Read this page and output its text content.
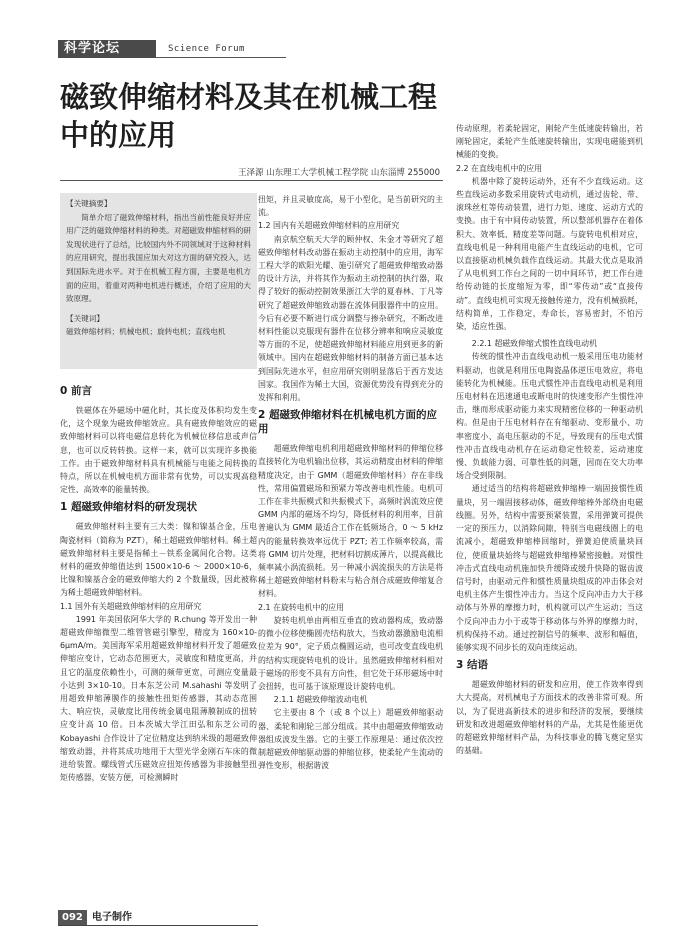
科学论坛	Science Forum
磁致伸缩材料及其在机械工程中的应用
王泽源 山东理工大学机械工程学院 山东淄博 255000

【关键摘要】

简单介绍了磁致伸缩材料，指出当前性能良好并应用广泛的磁致伸缩材料的种类。对超磁致伸缩材料的研发现状进行了总结，比较国内外不同领域对于这种材料的应用研究，提出我国应加大对这方面的研究投入，达到国际先进水平。对于在机械工程方面，主要是电机方面的应用，着重对两种电机进行概述，介绍了应用的大致原理。

【关键词】

磁致伸缩材料；机械电机；旋转电机；直线电机

0 前言

铁磁体在外磁场中磁化时，其长度及体积均发生变化，这个现象为磁致伸缩效应。具有磁致伸缩效应的磁致伸缩材料可以将电磁信息转化为机械位移信息或声信息，也可以反转转换。这样一来，就可以实现许多换能工作。由于磁致伸缩材料具有机械能与电能之间转换的特点，所以在机械电机方面非常有优势，可以实现高稳定性、高效率的能量转换。

1 超磁致伸缩材料的研发现状

磁致伸缩材料主要有三大类：镍和镍基合金，压电陶瓷材料（简称为 PZT），稀土超磁致伸缩材料。稀土超磁致伸缩材料主要是指稀土－铁系金属间化合物。这类材料的磁致伸缩值达到 1500×10-6 ～ 2000×10-6，比镍和镍基合金的磁致伸缩大约 2 个数量级，因此被称为稀土超磁致伸缩材料。

1.1 国外有关超磁致伸缩材料的应用研究

1991 年美国依阿华大学的 R.chung 等开发出一种超磁致伸缩微型二维管管磁引擎型，精度为 160×10-6μmA/m。美国海军采用超磁致伸缩材料开发了超磁致伸缩应变计，它动态范围更大，灵敏度和精度更高，并且它的温度依赖性小，可测的频带更宽，可测应变量最小达到 3×10-10。日本东芝公司 M.sahashi 等发明了用超致伸缩薄膜作的接触性扭矩传感器，其动态范围大、响应快，灵敏度比用传统金属电阻薄膜制成的扭转应变计高 10 倍。日本茨城大学江田弘和东芝公司的 Kobayashi 合作设计了定位精度达到纳米级的超磁致伸缩致动器，并将其成功地用于大型光学金刚石车床的微进给装置。螺线管式压磁效应扭矩传感器为非接触型扭矩传感器，安装方便，可检测瞬时

扭矩，并且灵敏度高，易于小型化，是当前研究的主流。

1.2 国内有关超磁致伸缩材料的应用研究

南京航空航天大学的顾仲权、朱金才等研究了超磁致伸缩材料改动器在振动主动控制中的应用，海军工程大学的欧阳光耀、施引研究了超磁致伸缩致动器的设计方法，并将其作为振动主动控制的执行器，取得了较好的振动控制效果浙江大学的夏春林、丁凡等研究了超磁致伸缩致动器在流体伺服器件中的应用。今后有必要不断进行成分调整与掺杂研究，不断改进材料性能以克服现有器件在位移分辨率和响应灵敏度等方面的不足，使超磁致伸缩材料能应用到更多的新领域中。国内在超磁致伸缩材料的制备方面已基本达到国际先进水平，但应用研究则明显落后于西方发达国家。我国作为稀土大国，资源优势没有得到充分的发挥和利用。

2 超磁致伸缩材料在机械电机方面的应用

超磁致伸缩电机利用超磁致伸缩材料的伸缩位移直接转化为电机输出位移，其运动精度由材料的伸缩精度决定，由于 GMM（超磁致伸缩材料）存在非线性，常用偏置磁场和预紧力等改善电机性能。电机可工作在非共振模式和共振模式下，高频时涡流效应使 GMM 内部的磁场不均匀，降低材料的利用率，目前普遍认为 GMM 最适合工作在低频场合，0 ～ 5 kHz 内的能量转换效率远优于 PZT; 若工作频率较高，需将 GMM 切片处理，把材料切割成薄片，以提高截比频率减小涡流损耗。另一种减小涡流损失的方法是将稀土超磁致伸缩材料粉末与粘合剂合成磁致伸缩复合材料。

2.1 在旋转电机中的应用

旋转电机单由两相互垂直的致动器构成，致动器的微小位移使椭圆壳结构放大，当致动器激励电流相位差为 90°，定子质点椭圆运动，也可改变直线电机的结构实现旋转电机的设计。虽然磁致伸缩材料相对于磁场的形变不具有方向性，但它处于环形磁场中时会扭转，也可基于该原理设计旋转电机。

2.1.1 超磁致伸缩波动电机

它主要由 8 个（或 8 个以上）超磁致伸缩驱动器、柔轮和刚轮三部分组成。其中由超磁致伸缩致动器组成波发生器。它的主要工作原理是：通过依次控制超磁致伸缩驱动器的伸缩位移，使柔轮产生流动的弹性变形，根据谐波

传动原理，若柔轮固定，刚轮产生低速旋转输出，若刚轮固定，柔轮产生低速旋转输出，实现电磁能到机械能的变换。

2.2 在直线电机中的应用

机器中除了旋转运动外，还有不少直线运动。这些直线运动多数采用旋转式电动机，通过齿轮、带、滚珠丝杠等传动装置，进行力矩、速度、运动方式的变换。由于有中间传动装置，所以整部机器存在着体积大、效率低、精度差等问题。与旋转电机相对应，直线电机是一种利用电能产生直线运动的电机，它可以直接驱动机械负载作直线运动。其最大优点是取消了从电机到工作台之间的一切中间环节，把工作台进给传动链的长度缩短为零，即“零传动”或“直接传动”。直线电机可实现无接触传递力，没有机械损耗，结构简单，工作稳定，寿命长，容易密封，不怕污染，适应性强。

2.2.1 超磁致伸缩式惯性直线电动机

传统的惯性冲击直线电动机一般采用压电功能材料驱动，也就是利用压电陶瓷晶体逆压电效应，将电能转化为机械能。压电式惯性冲击直线电动机是利用压电材料在迅速通电或断电时的快速变形产生惯性冲击，继而形成驱动能力来实现精密位移的一种驱动机构。但是由于压电材料存在有缩驱动、变形量小、功率密度小、高电压驱动的不足，导致现有的压电式惯性冲击直线电动机存在运动稳定性较差、运动速度慢、负载能力弱、可靠性低的问题，因而在交大功率场合受到限制。

通过适当的结构将超磁致伸缩棒一端固接惯性质量块，另一端固接移动体，磁致伸缩棒外部绕由电磁线圈。另外，结构中需要预紧装置，采用弹簧可提供一定的预压力，以消除间隙，特别当电磁线圈上的电流减小，超磁致伸缩棒回缩时，弹簧迫使质量块回位，使质量块始终与超磁致伸缩棒紧密接触。对惯性冲击式直线电动机施加快升缓降或缓升快降的锯齿波信号时，由驱动元件和惯性质量块组成的冲击体会对电机主体产生惯性冲击力。当这个反向冲击力大于移动体与外界的摩擦力时，机构就可以产生运动；当这个反向冲击力小于或等于移动体与外界的摩擦力时，机构保持不动。通过控制信号的频率、波形和幅值，能够实现不同步长的双向连续运动。

3 结语

超磁致伸缩材料的研发和应用，使工作效率得到大大提高，对机械电子方面技术的改善非常可观。所以，为了促进高新技术的进步和经济的发展，要继续研发和改进超磁致伸缩材料的产品，尤其是性能更优的超磁致伸缩材料产品，为科技事业的腾飞奠定坚实的基础。

092 电子制作
